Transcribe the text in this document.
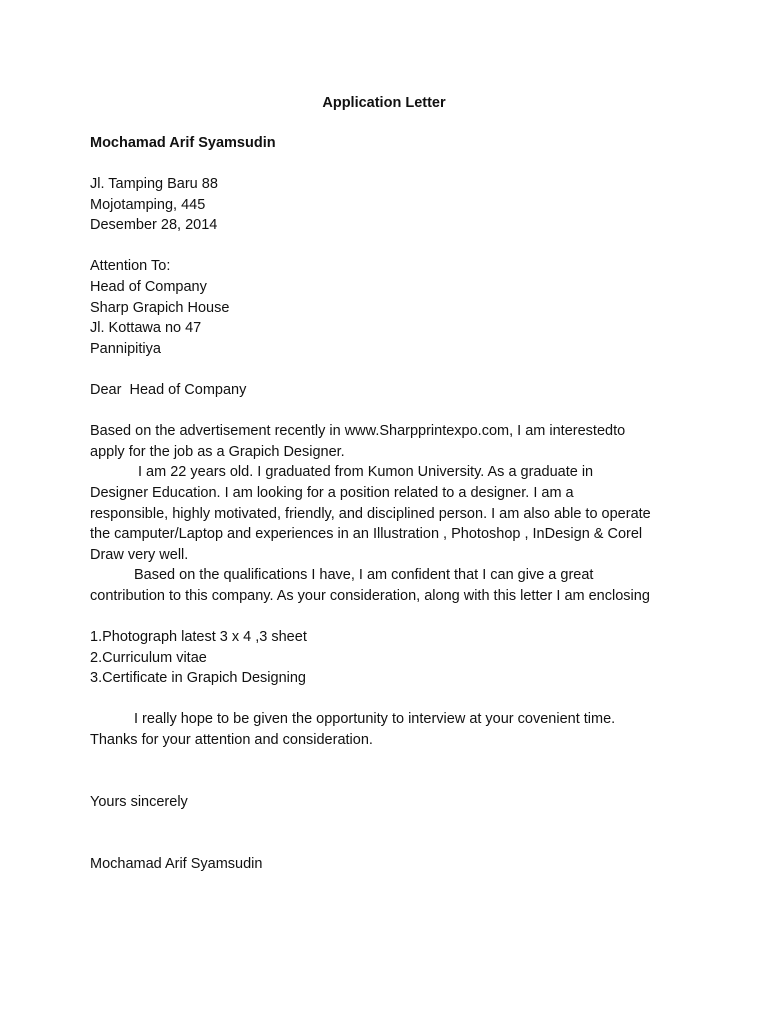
Application Letter

Mochamad Arif Syamsudin

Jl. Tamping Baru 88

Mojotamping, 445

Desember 28, 2014

Attention To:

Head of Company

Sharp Grapich House

Jl. Kottawa no 47

Pannipitiya

Dear  Head of Company

Based on the advertisement recently in www.Sharpprintexpo.com, I am interestedto

apply for the job as a Grapich Designer.

I am 22 years old. I graduated from Kumon University. As a graduate in

Designer Education. I am looking for a position related to a designer. I am a

responsible, highly motivated, friendly, and disciplined person. I am also able to operate

the camputer/Laptop and experiences in an Illustration , Photoshop , InDesign & Corel

Draw very well.

Based on the qualifications I have, I am confident that I can give a great

contribution to this company. As your consideration, along with this letter I am enclosing

1.Photograph latest 3 x 4 ,3 sheet

2.Curriculum vitae

3.Certificate in Grapich Designing

I really hope to be given the opportunity to interview at your covenient time.

Thanks for your attention and consideration.

Yours sincerely

Mochamad Arif Syamsudin
